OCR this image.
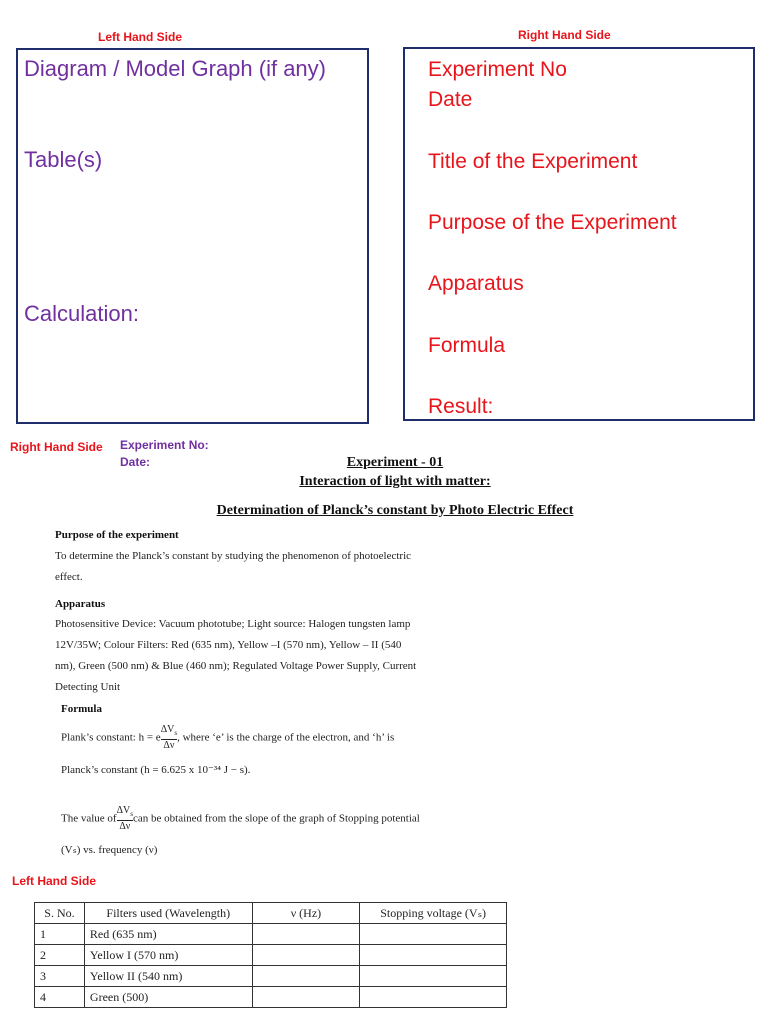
Left Hand Side	Right Hand Side
Diagram / Model Graph (if any)
Table(s)
Calculation:
Experiment No
Date
Title of the Experiment
Purpose of the Experiment
Apparatus
Formula
Result:
Right Hand Side Experiment No:
Date:	Experiment - 01
Interaction of light with matter:
Determination of Planck’s constant by Photo Electric Effect
Purpose of the experiment
To determine the Planck’s constant by studying the phenomenon of photoelectric
effect.
Apparatus
Photosensitive Device: Vacuum phototube; Light source: Halogen tungsten lamp
12V/35W; Colour Filters: Red (635 nm), Yellow –I (570 nm), Yellow – II (540
nm), Green (500 nm) & Blue (460 nm); Regulated Voltage Power Supply, Current
Detecting Unit
Formula
Plank’s constant: h = e $\frac{\Delta V_s}{\Delta\nu}$ , where ‘e’ is the charge of the electron, and ‘h’ is
Planck’s constant (h = 6.625 x 10⁻³⁴ J − s).
The value of $\frac{\Delta V_s}{\Delta\nu}$ can be obtained from the slope of the graph of Stopping potential
(Vₛ) vs. frequency (ν)
Left Hand Side
S. No.	Filters used (Wavelength)	ν (Hz)	Stopping voltage (Vₛ)
1	Red (635 nm)		
2	Yellow I (570 nm)		
3	Yellow II (540 nm)		
4	Green (500)		
